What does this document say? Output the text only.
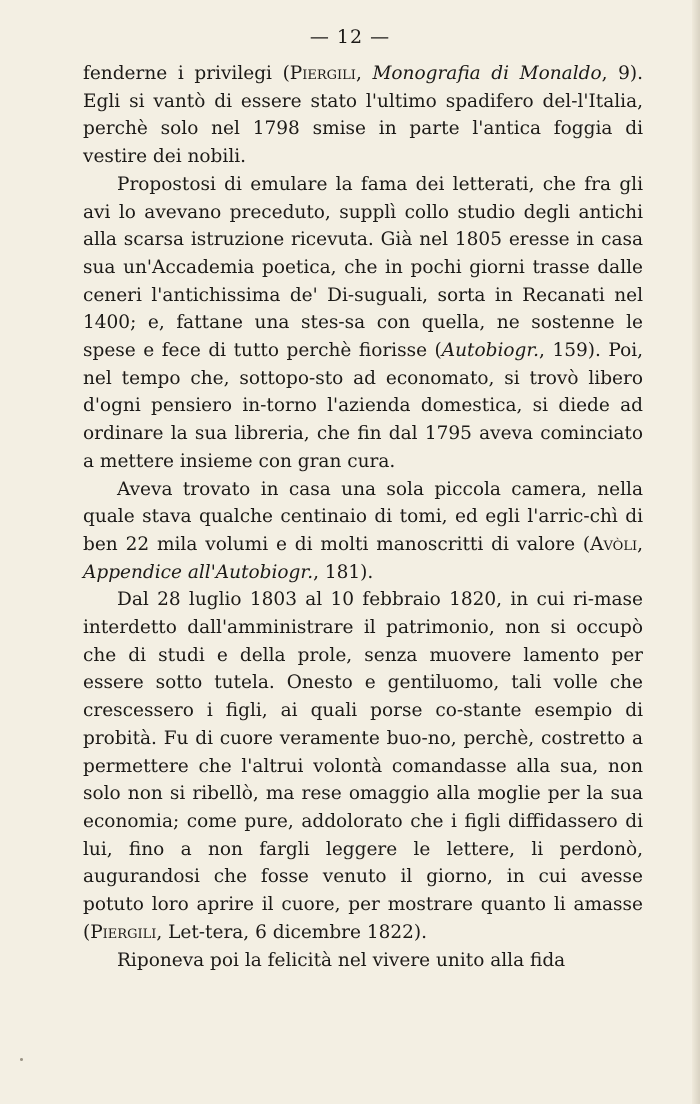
— 12 —

fenderne i privilegi (Piergili, Monografia di Monaldo, 9). Egli si vantò di essere stato l'ultimo spadifero del-l'Italia, perchè solo nel 1798 smise in parte l'antica foggia di vestire dei nobili.

Propostosi di emulare la fama dei letterati, che fra gli avi lo avevano preceduto, supplì collo studio degli antichi alla scarsa istruzione ricevuta. Già nel 1805 eresse in casa sua un'Accademia poetica, che in pochi giorni trasse dalle ceneri l'antichissima de' Di-suguali, sorta in Recanati nel 1400; e, fattane una stes-sa con quella, ne sostenne le spese e fece di tutto perchè fiorisse (Autobiogr., 159). Poi, nel tempo che, sottopo-sto ad economato, si trovò libero d'ogni pensiero in-torno l'azienda domestica, si diede ad ordinare la sua libreria, che fin dal 1795 aveva cominciato a mettere insieme con gran cura.

Aveva trovato in casa una sola piccola camera, nella quale stava qualche centinaio di tomi, ed egli l'arric-chì di ben 22 mila volumi e di molti manoscritti di valore (Avòli, Appendice all'Autobiogr., 181).

Dal 28 luglio 1803 al 10 febbraio 1820, in cui ri-mase interdetto dall'amministrare il patrimonio, non si occupò che di studi e della prole, senza muovere lamento per essere sotto tutela. Onesto e gentiluomo, tali volle che crescessero i figli, ai quali porse co-stante esempio di probità. Fu di cuore veramente buo-no, perchè, costretto a permettere che l'altrui volontà comandasse alla sua, non solo non si ribellò, ma rese omaggio alla moglie per la sua economia; come pure, addolorato che i figli diffidassero di lui, fino a non fargli leggere le lettere, li perdonò, augurandosi che fosse venuto il giorno, in cui avesse potuto loro aprire il cuore, per mostrare quanto li amasse (Piergili, Let-tera, 6 dicembre 1822).

Riponeva poi la felicità nel vivere unito alla fida
